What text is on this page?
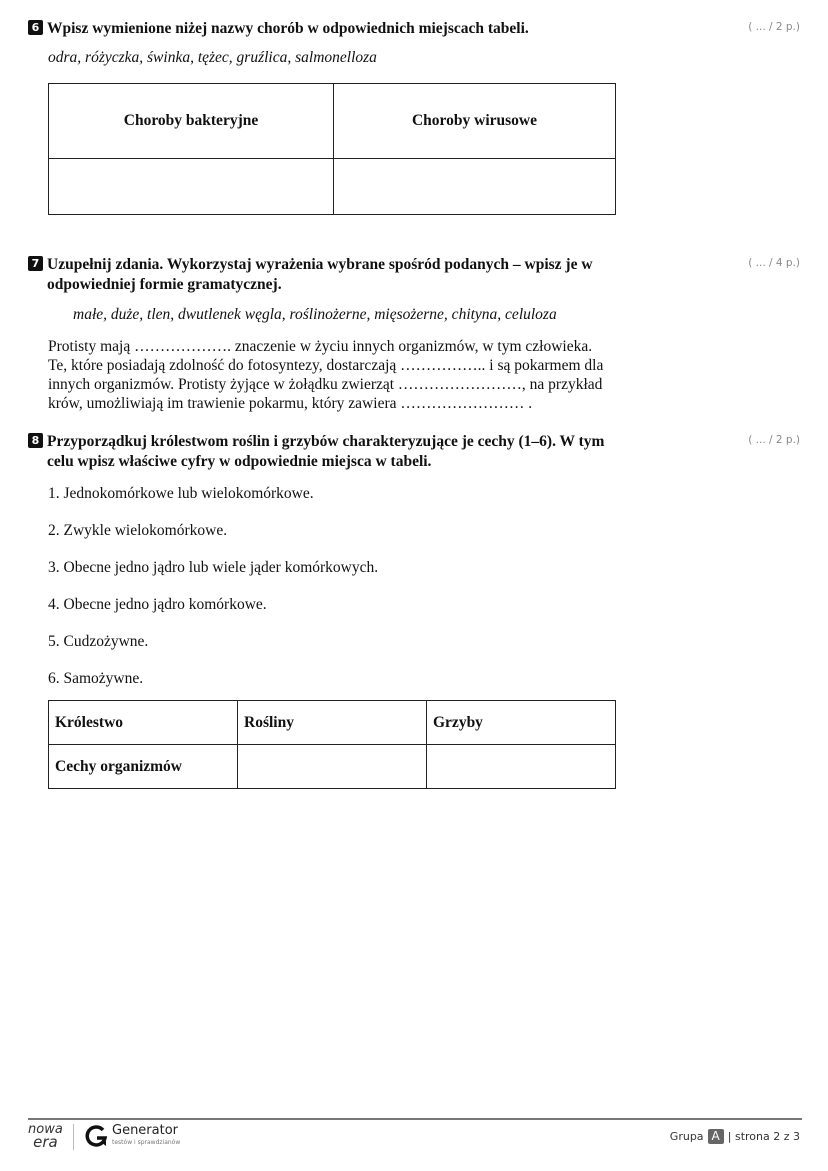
6 Wpisz wymienione niżej nazwy chorób w odpowiednich miejscach tabeli.	( ... / 2 p.)
odra, różyczka, świnka, tężec, gruźlica, salmonelloza
Choroby bakteryjne	Choroby wirusowe

7 Uzupełnij zdania. Wykorzystaj wyrażenia wybrane spośród podanych – wpisz je w odpowiedniej formie gramatycznej.
( ... / 4 p.)
małe, duże, tlen, dwutlenek węgla, roślinożerne, mięsożerne, chityna, celuloza
Protisty mają ………………. znaczenie w życiu innych organizmów, w tym człowieka.
Te, które posiadają zdolność do fotosyntezy, dostarczają …………….. i są pokarmem dla
innych organizmów. Protisty żyjące w żołądku zwierząt ……………………, na przykład
krów, umożliwiają im trawienie pokarmu, który zawiera …………………… .
8 Przyporządkuj królestwom roślin i grzybów charakteryzujące je cechy (1–6). W tym celu wpisz właściwe cyfry w odpowiednie miejsca w tabeli.
( ... / 2 p.)

1. Jednokomórkowe lub wielokomórkowe.

2. Zwykle wielokomórkowe.

3. Obecne jedno jądro lub wiele jąder komórkowych.

4. Obecne jedno jądro komórkowe.

5. Cudzożywne.

6. Samożywne.

Królestwo	Rośliny	Grzyby
Cechy organizmów		
nowa
era
Generator
testów i sprawdzianów	Grupa A | strona 2 z 3
